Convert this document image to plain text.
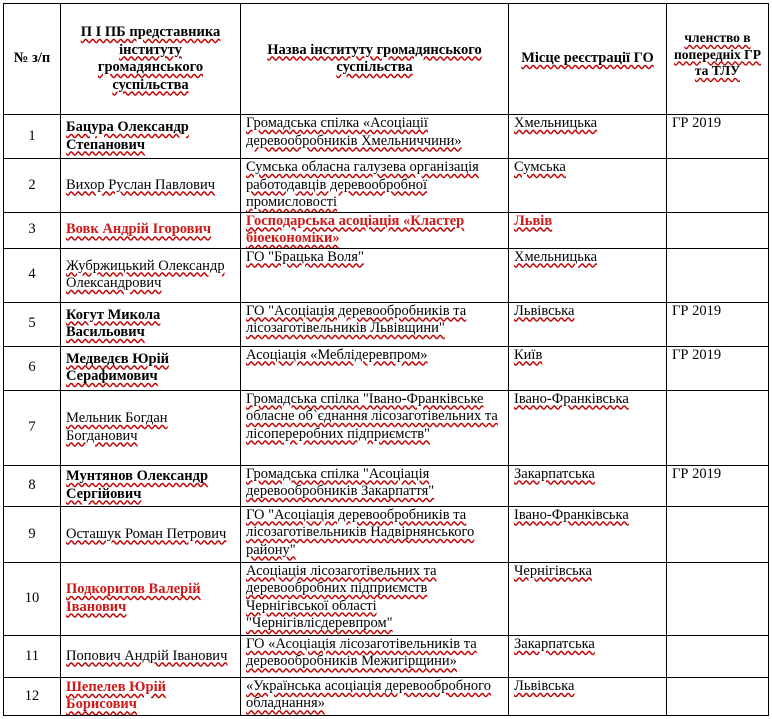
№ з/п	П І ПБ представника інституту громадянського суспільства	Назва інституту громадянського суспільства	Місце реєстрації ГО	членство в попередніх ГР та ТЛУ
1	Бацура Олександр Степанович	Громадська спілка «Асоціації деревообробників Хмельниччини»	Хмельницька	ГР 2019
2	Вихор Руслан Павлович	Сумська обласна галузева організація работодавців деревообробної промисловості	Сумська	
3	Вовк Андрій Ігорович	Господарська асоціація «Кластер біоекономіки»	Львів	
4	Жубржицький Олександр Олександрович	ГО "Брацька Воля"	Хмельницька	
5	Когут Микола Васильович	ГО "Асоціація деревообробників та лісозаготівельників Львівщини"	Львівська	ГР 2019
6	Медведєв Юрій Серафимович	Асоціація «Меблідеревпром»	Київ	ГР 2019
7	Мельник Богдан Богданович	Громадська спілка "Івано-Франківське обласне об`єднання лісозаготівельних та лісопереробних підприємств"	Івано-Франківська	
8	Мунтянов Олександр Сергійович	Громадська спілка "Асоціація деревообробників Закарпаття"	Закарпатська	ГР 2019
9	Осташук Роман Петрович	ГО "Асоціація деревообробників та лісозаготівельників Надвірнянського району"	Івано-Франківська	
10	Подкоритов Валерій Іванович	Асоціація лісозаготівельних та деревообробних підприємств Чернігівської області "Чернігівлісдеревпром"	Чернігівська	
11	Попович Андрій Іванович	ГО «Асоціація лісозаготівельників та деревообробників Межигірщини»	Закарпатська	
12	Шепелев Юрій Борисович	«Українська асоціація деревообробного обладнання»	Львівська	
